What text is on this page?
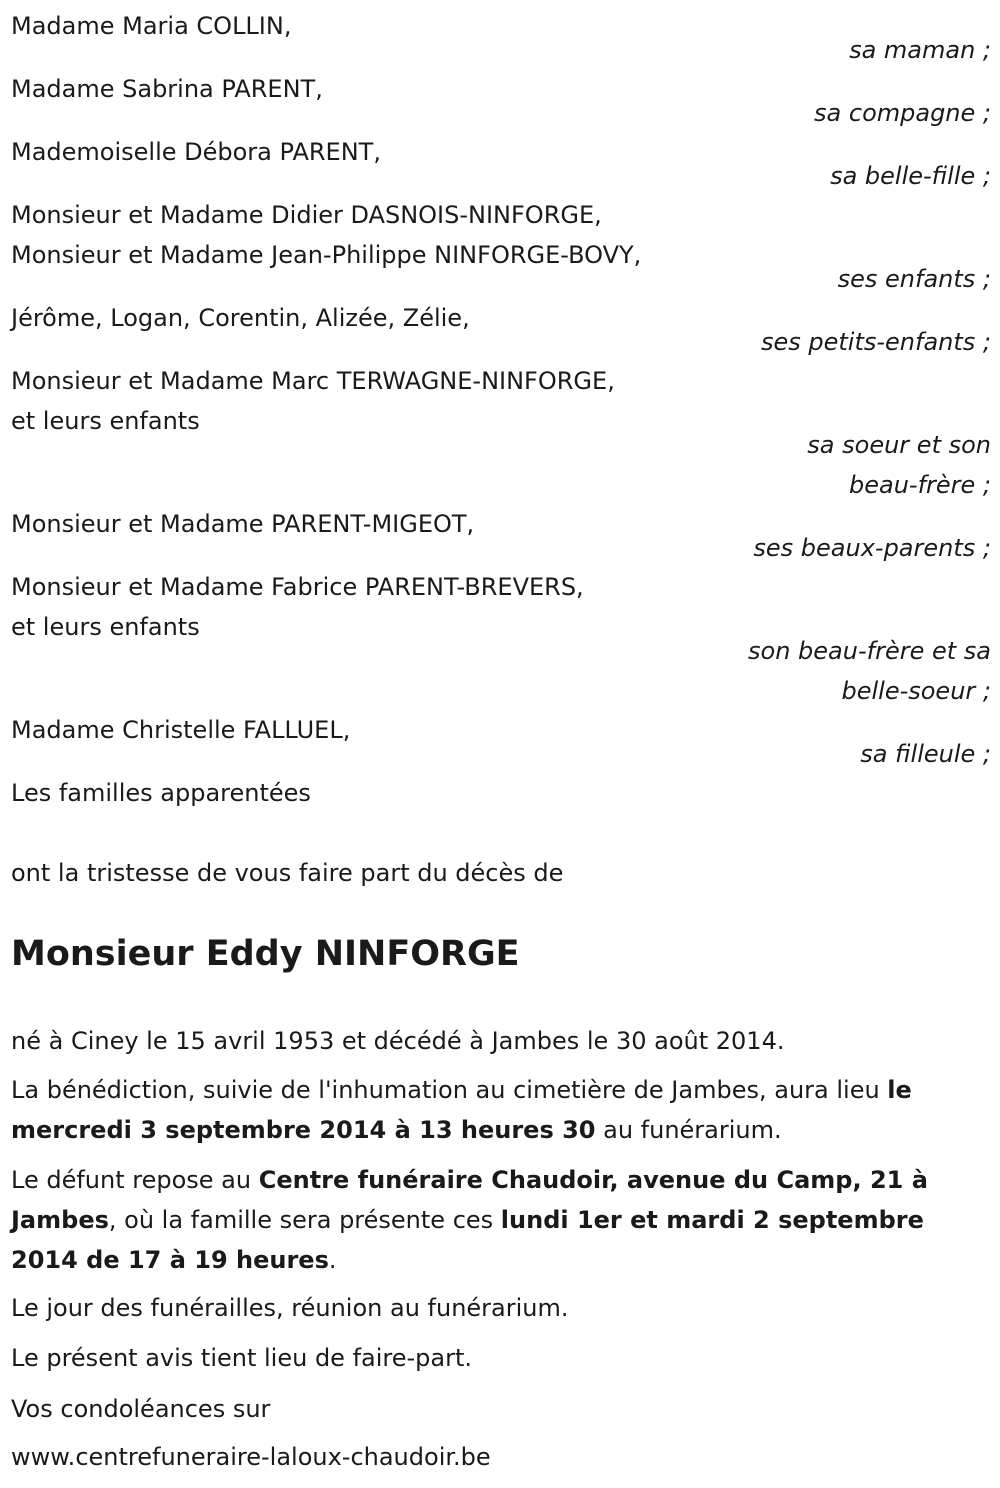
Madame Maria COLLIN,
sa maman ;
Madame Sabrina PARENT,
sa compagne ;
Mademoiselle Débora PARENT,
sa belle-fille ;
Monsieur et Madame Didier DASNOIS-NINFORGE,
Monsieur et Madame Jean-Philippe NINFORGE-BOVY,
ses enfants ;
Jérôme, Logan, Corentin, Alizée, Zélie,
ses petits-enfants ;
Monsieur et Madame Marc TERWAGNE-NINFORGE,
et leurs enfants
sa soeur et son
beau-frère ;
Monsieur et Madame PARENT-MIGEOT,
ses beaux-parents ;
Monsieur et Madame Fabrice PARENT-BREVERS,
et leurs enfants
son beau-frère et sa
belle-soeur ;
Madame Christelle FALLUEL,
sa filleule ;
Les familles apparentées
ont la tristesse de vous faire part du décès de
Monsieur Eddy NINFORGE
né à Ciney le 15 avril 1953 et décédé à Jambes le 30 août 2014.
La bénédiction, suivie de l'inhumation au cimetière de Jambes, aura lieu le mercredi 3 septembre 2014 à 13 heures 30 au funérarium.
Le défunt repose au Centre funéraire Chaudoir, avenue du Camp, 21 à Jambes, où la famille sera présente ces lundi 1er et mardi 2 septembre 2014 de 17 à 19 heures.
Le jour des funérailles, réunion au funérarium.
Le présent avis tient lieu de faire-part.
Vos condoléances sur
www.centrefuneraire-laloux-chaudoir.be
